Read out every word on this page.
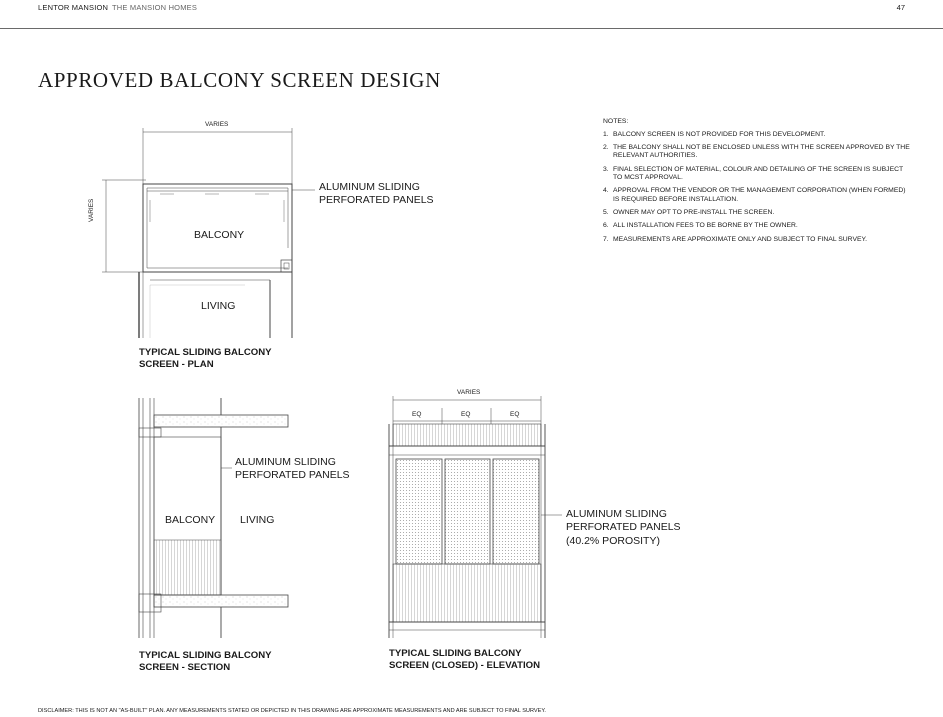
LENTOR MANSION THE MANSION HOMES	47
APPROVED BALCONY SCREEN DESIGN
NOTES:
1. BALCONY SCREEN IS NOT PROVIDED FOR THIS DEVELOPMENT.
2. THE BALCONY SHALL NOT BE ENCLOSED UNLESS WITH THE SCREEN APPROVED BY THE RELEVANT AUTHORITIES.
3. FINAL SELECTION OF MATERIAL, COLOUR AND DETAILING OF THE SCREEN IS SUBJECT TO MCST APPROVAL.
4. APPROVAL FROM THE VENDOR OR THE MANAGEMENT CORPORATION (WHEN FORMED) IS REQUIRED BEFORE INSTALLATION.
5. OWNER MAY OPT TO PRE-INSTALL THE SCREEN.
6. ALL INSTALLATION FEES TO BE BORNE BY THE OWNER.
7. MEASUREMENTS ARE APPROXIMATE ONLY AND SUBJECT TO FINAL SURVEY.
VARIES
VARIES
BALCONY
LIVING
ALUMINUM SLIDING
PERFORATED PANELS
TYPICAL SLIDING BALCONY
SCREEN - PLAN
BALCONY LIVING
ALUMINUM SLIDING
PERFORATED PANELS
TYPICAL SLIDING BALCONY
SCREEN - SECTION
VARIES
EQ	EQ	EQ
ALUMINUM SLIDING
PERFORATED PANELS
(40.2% POROSITY)
TYPICAL SLIDING BALCONY
SCREEN (CLOSED) - ELEVATION
DISCLAIMER: THIS IS NOT AN "AS-BUILT" PLAN. ANY MEASUREMENTS STATED OR DEPICTED IN THIS DRAWING ARE APPROXIMATE MEASUREMENTS AND ARE SUBJECT TO FINAL SURVEY.
